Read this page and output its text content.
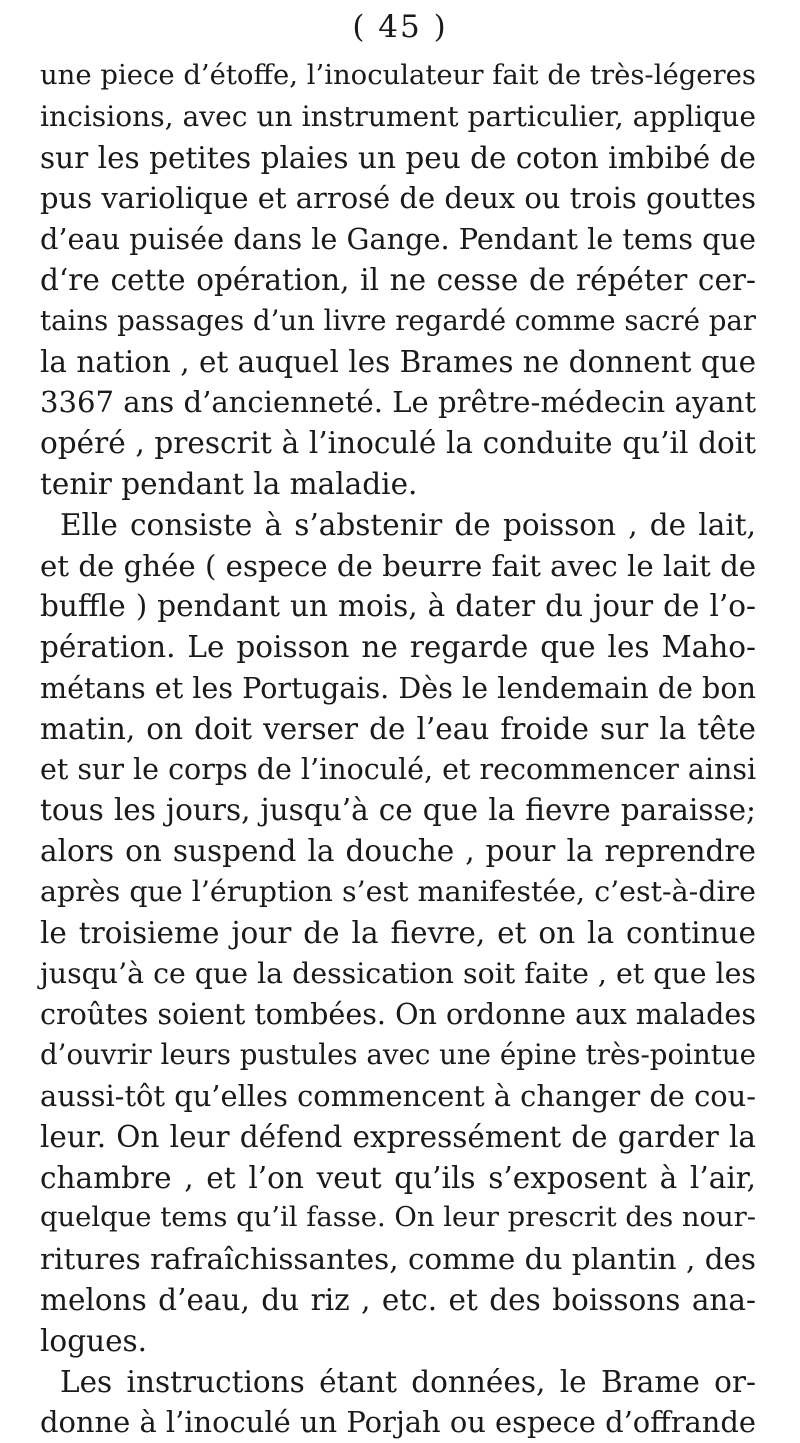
( 45 )
une piece d’étoffe, l’inoculateur fait de très-légeres
incisions, avec un instrument particulier, applique
sur les petites plaies un peu de coton imbibé de
pus variolique et arrosé de deux ou trois gouttes
d’eau puisée dans le Gange. Pendant le tems que
dʻre cette opération, il ne cesse de répéter cer-
tains passages d’un livre regardé comme sacré par
la nation , et auquel les Brames ne donnent que
3367 ans d’ancienneté. Le prêtre-médecin ayant
opéré , prescrit à l’inoculé la conduite qu’il doit
tenir pendant la maladie.
Elle consiste à s’abstenir de poisson , de lait,
et de ghée ( espece de beurre fait avec le lait de
buffle ) pendant un mois, à dater du jour de l’o-
pération. Le poisson ne regarde que les Maho-
métans et les Portugais. Dès le lendemain de bon
matin, on doit verser de l’eau froide sur la tête
et sur le corps de l’inoculé, et recommencer ainsi
tous les jours, jusqu’à ce que la fievre paraisse;
alors on suspend la douche , pour la reprendre
après que l’éruption s’est manifestée, c’est-à-dire
le troisieme jour de la fievre, et on la continue
jusqu’à ce que la dessication soit faite , et que les
croûtes soient tombées. On ordonne aux malades
d’ouvrir leurs pustules avec une épine très-pointue
aussi-tôt qu’elles commencent à changer de cou-
leur. On leur défend expressément de garder la
chambre , et l’on veut qu’ils s’exposent à l’air,
quelque tems qu’il fasse. On leur prescrit des nour-
ritures rafraîchissantes, comme du plantin , des
melons d’eau, du riz , etc. et des boissons ana-
logues.
Les instructions étant données, le Brame or-
donne à l’inoculé un Porjah ou espece d’offrande
